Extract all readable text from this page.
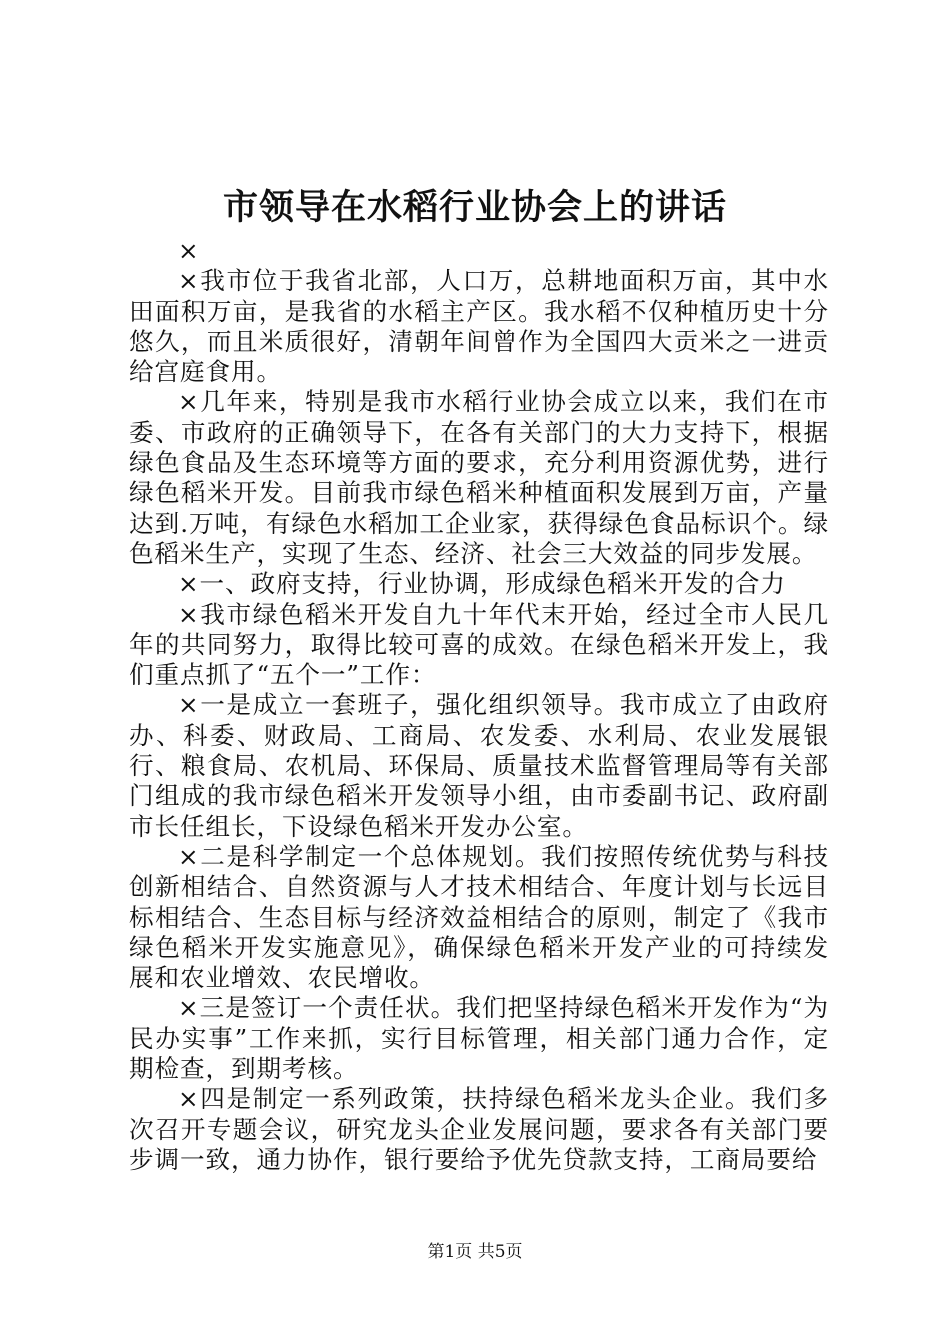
市领导在水稻行业协会上的讲话

×

×我市位于我省北部，人口万，总耕地面积万亩，其中水田面积万亩，是我省的水稻主产区。我水稻不仅种植历史十分悠久，而且米质很好，清朝年间曾作为全国四大贡米之一进贡给宫庭食用。

×几年来，特别是我市水稻行业协会成立以来，我们在市委、市政府的正确领导下，在各有关部门的大力支持下，根据绿色食品及生态环境等方面的要求，充分利用资源优势，进行绿色稻米开发。目前我市绿色稻米种植面积发展到万亩，产量达到.万吨，有绿色水稻加工企业家，获得绿色食品标识个。绿色稻米生产，实现了生态、经济、社会三大效益的同步发展。

×一、政府支持，行业协调，形成绿色稻米开发的合力

×我市绿色稻米开发自九十年代末开始，经过全市人民几年的共同努力，取得比较可喜的成效。在绿色稻米开发上，我们重点抓了“五个一”工作：

×一是成立一套班子，强化组织领导。我市成立了由政府办、科委、财政局、工商局、农发委、水利局、农业发展银行、粮食局、农机局、环保局、质量技术监督管理局等有关部门组成的我市绿色稻米开发领导小组，由市委副书记、政府副市长任组长，下设绿色稻米开发办公室。

×二是科学制定一个总体规划。我们按照传统优势与科技创新相结合、自然资源与人才技术相结合、年度计划与长远目标相结合、生态目标与经济效益相结合的原则，制定了《我市绿色稻米开发实施意见》，确保绿色稻米开发产业的可持续发展和农业增效、农民增收。

×三是签订一个责任状。我们把坚持绿色稻米开发作为“为民办实事”工作来抓，实行目标管理，相关部门通力合作，定期检查，到期考核。

×四是制定一系列政策，扶持绿色稻米龙头企业。我们多次召开专题会议，研究龙头企业发展问题，要求各有关部门要步调一致，通力协作，银行要给予优先贷款支持，工商局要给

第1页 共5页
